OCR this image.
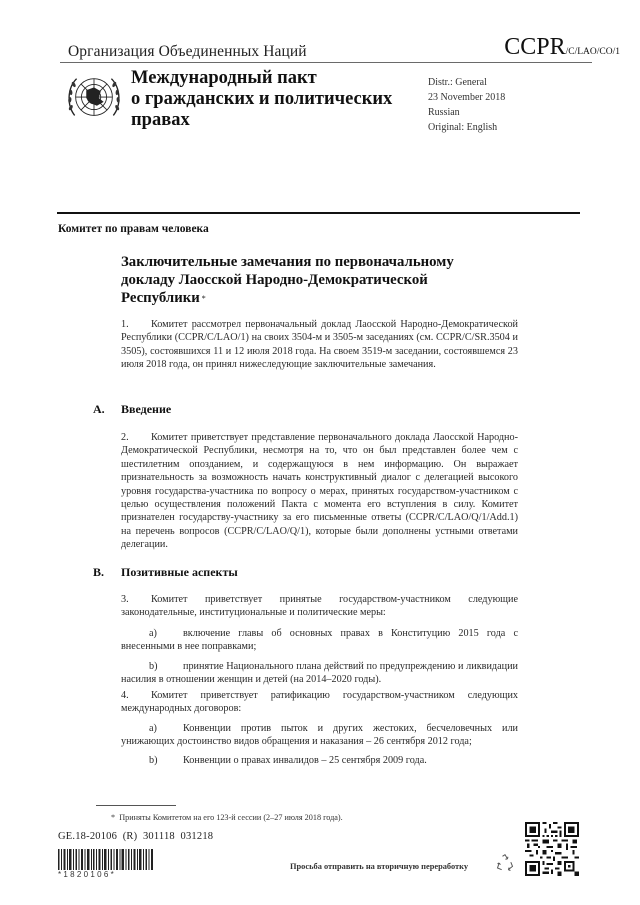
Организация Объединенных Наций	CCPR/C/LAO/CO/1
Международный пакт
о гражданских и политических
правах
Distr.: General
23 November 2018
Russian
Original: English
Комитет по правам человека
Заключительные замечания по первоначальному
докладу Лаосской Народно-Демократической
Республики *
1. Комитет рассмотрел первоначальный доклад Лаосской Народно-Демократической Республики (CCPR/C/LAO/1) на своих 3504-м и 3505-м заседаниях (см. CCPR/C/SR.3504 и 3505), состоявшихся 11 и 12 июля 2018 года. На своем 3519-м заседании, состоявшемся 23 июля 2018 года, он принял нижеследующие заключительные замечания.
A. Введение
2. Комитет приветствует представление первоначального доклада Лаосской Народно-Демократической Республики, несмотря на то, что он был представлен более чем с шестилетним опозданием, и содержащуюся в нем информацию. Он выражает признательность за возможность начать конструктивный диалог с делегацией высокого уровня государства-участника по вопросу о мерах, принятых государством-участником с целью осуществления положений Пакта с момента его вступления в силу. Комитет признателен государству-участнику за его письменные ответы (CCPR/C/LAO/Q/1/Add.1) на перечень вопросов (CCPR/C/LAO/Q/1), которые были дополнены устными ответами делегации.
B. Позитивные аспекты
3. Комитет приветствует принятые государством-участником следующие законодательные, институциональные и политические меры:
a)	включение главы об основных правах в Конституцию 2015 года с внесенными в нее поправками;
b)	принятие Национального плана действий по предупреждению и ликвидации насилия в отношении женщин и детей (на 2014–2020 годы).
4. Комитет приветствует ратификацию государством-участником следующих международных договоров:
a)	Конвенции против пыток и других жестоких, бесчеловечных или унижающих достоинство видов обращения и наказания – 26 сентября 2012 года;
b)	Конвенции о правах инвалидов – 25 сентября 2009 года.
* Приняты Комитетом на его 123-й сессии (2–27 июля 2018 года).
GE.18-20106  (R)  301118  031218
*1820106*
Просьба отправить на вторичную переработку
